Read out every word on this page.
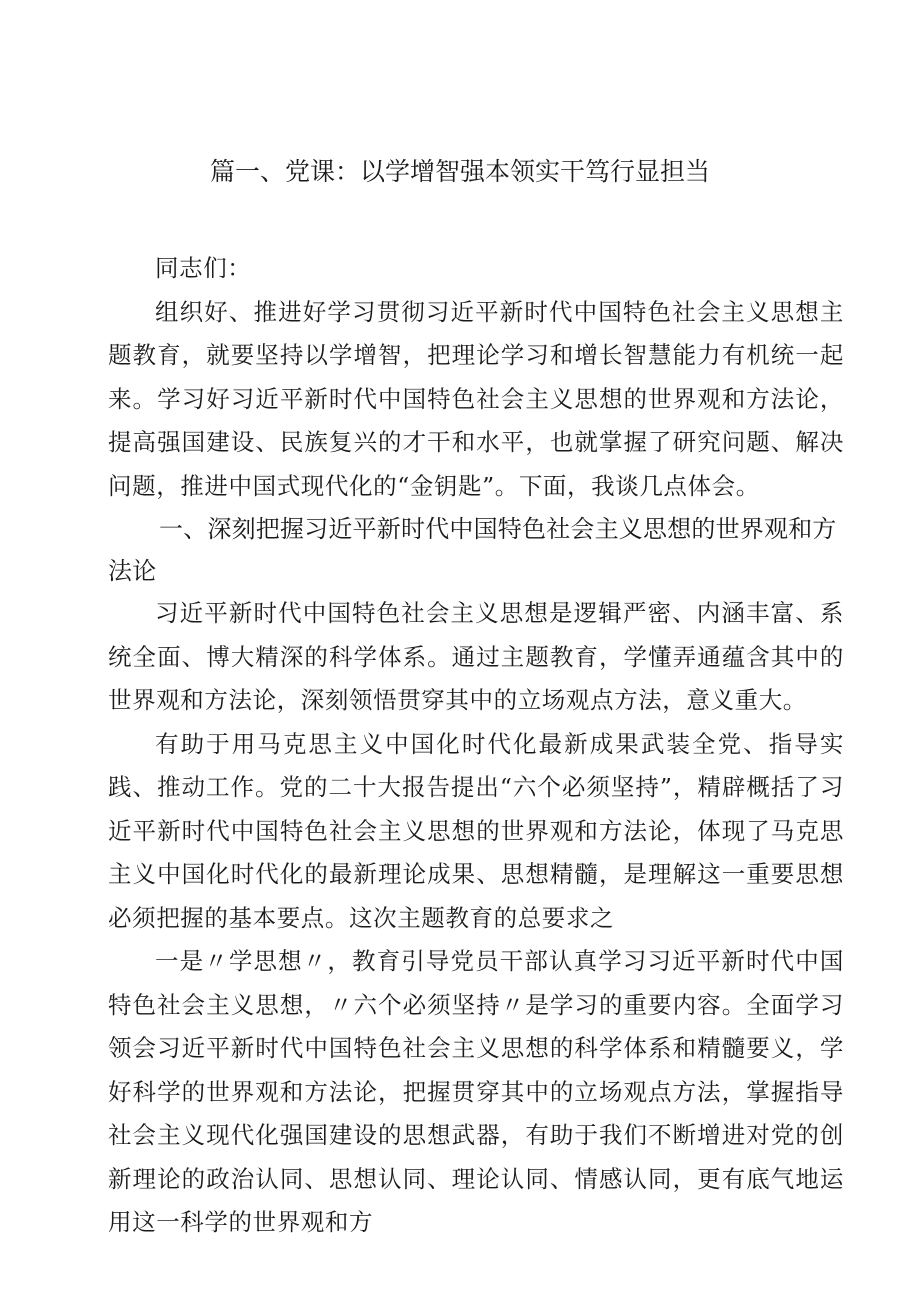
篇一、党课：以学增智强本领实干笃行显担当

同志们：

组织好、推进好学习贯彻习近平新时代中国特色社会主义思想主题教育，就要坚持以学增智，把理论学习和增长智慧能力有机统一起来。学习好习近平新时代中国特色社会主义思想的世界观和方法论，提高强国建设、民族复兴的才干和水平，也就掌握了研究问题、解决问题，推进中国式现代化的“金钥匙”。下面，我谈几点体会。

一、深刻把握习近平新时代中国特色社会主义思想的世界观和方法论

习近平新时代中国特色社会主义思想是逻辑严密、内涵丰富、系统全面、博大精深的科学体系。通过主题教育，学懂弄通蕴含其中的世界观和方法论，深刻领悟贯穿其中的立场观点方法，意义重大。

有助于用马克思主义中国化时代化最新成果武装全党、指导实践、推动工作。党的二十大报告提出“六个必须坚持”，精辟概括了习近平新时代中国特色社会主义思想的世界观和方法论，体现了马克思主义中国化时代化的最新理论成果、思想精髓，是理解这一重要思想必须把握的基本要点。这次主题教育的总要求之

一是〃学思想〃，教育引导党员干部认真学习习近平新时代中国特色社会主义思想，〃六个必须坚持〃是学习的重要内容。全面学习领会习近平新时代中国特色社会主义思想的科学体系和精髓要义，学好科学的世界观和方法论，把握贯穿其中的立场观点方法，掌握指导社会主义现代化强国建设的思想武器，有助于我们不断增进对党的创新理论的政治认同、思想认同、理论认同、情感认同，更有底气地运用这一科学的世界观和方
